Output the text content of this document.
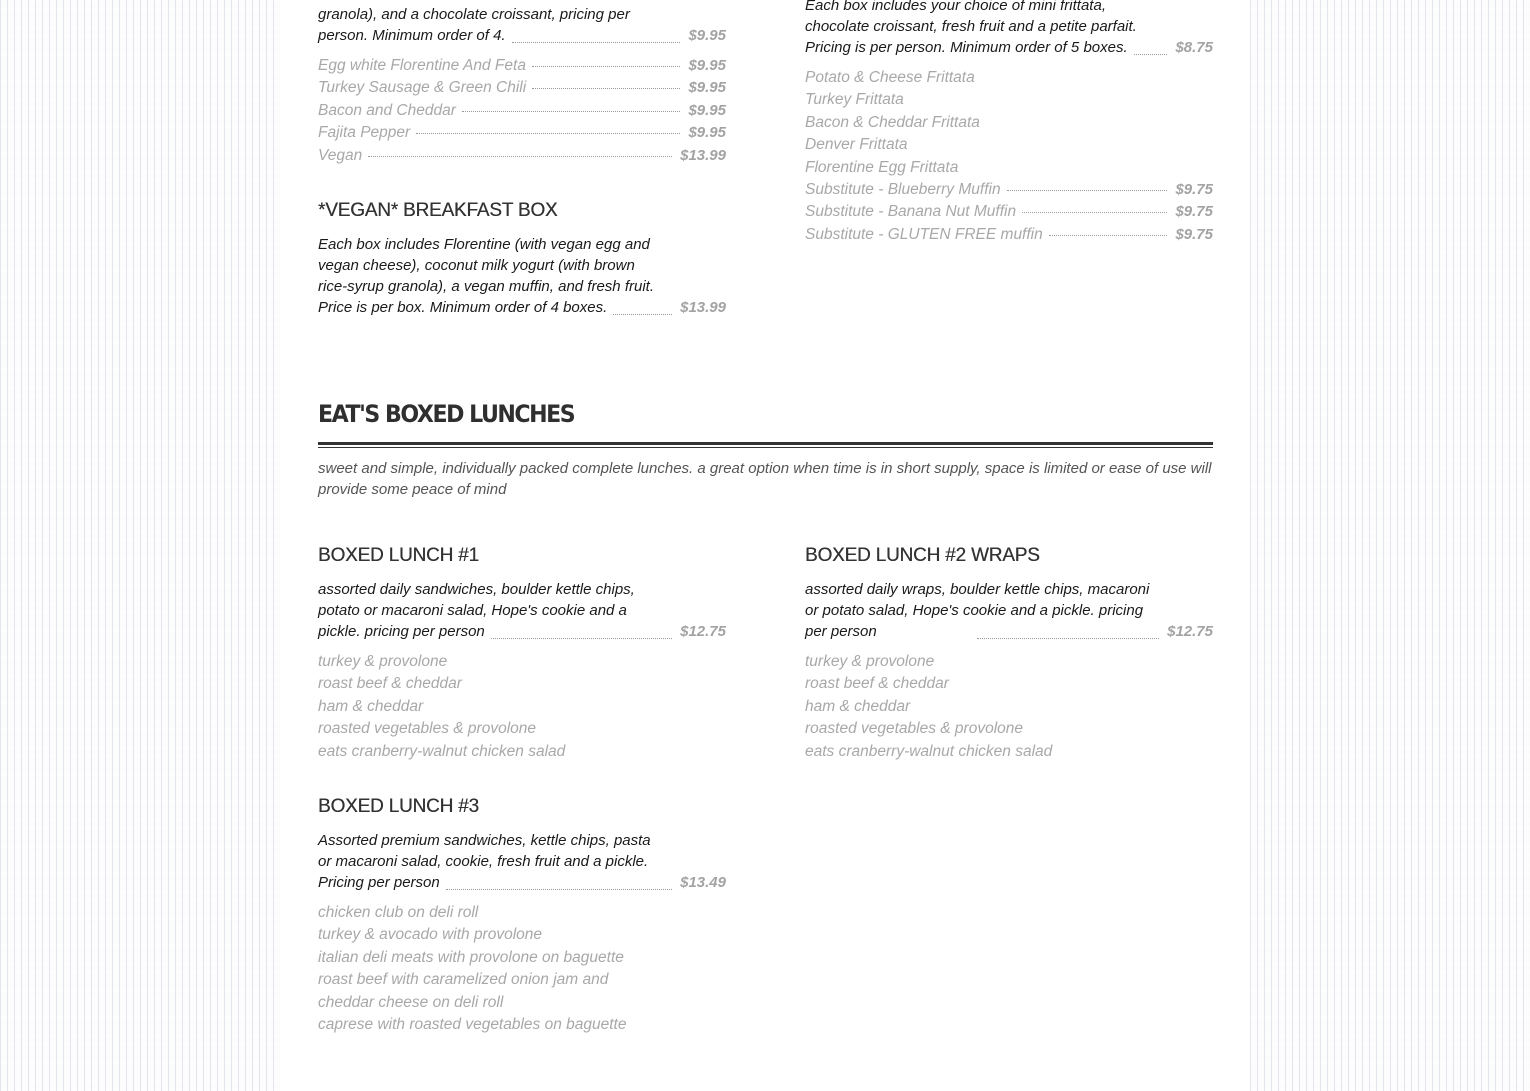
granola), and a chocolate croissant, pricing per
person. Minimum order of 4.	$9.95
Egg white Florentine And Feta	$9.95
Turkey Sausage & Green Chili	$9.95
Bacon and Cheddar	$9.95
Fajita Pepper	$9.95
Vegan	$13.99
*VEGAN* BREAKFAST BOX
Each box includes Florentine (with vegan egg and
vegan cheese), coconut milk yogurt (with brown
rice-syrup granola), a vegan muffin, and fresh fruit.
Price is per box. Minimum order of 4 boxes.	$13.99
Each box includes your choice of mini frittata,
chocolate croissant, fresh fruit and a petite parfait.
Pricing is per person. Minimum order of 5 boxes.	$8.75
Potato & Cheese Frittata
Turkey Frittata
Bacon & Cheddar Frittata
Denver Frittata
Florentine Egg Frittata
Substitute - Blueberry Muffin	$9.75
Substitute - Banana Nut Muffin	$9.75
Substitute - GLUTEN FREE muffin	$9.75
EAT'S BOXED LUNCHES
sweet and simple, individually packed complete lunches. a great option when time is in short supply, space is limited or ease of use will provide some peace of mind
BOXED LUNCH #1
assorted daily sandwiches, boulder kettle chips,
potato or macaroni salad, Hope's cookie and a
pickle. pricing per person	$12.75
turkey & provolone
roast beef & cheddar
ham & cheddar
roasted vegetables & provolone
eats cranberry-walnut chicken salad
BOXED LUNCH #2 WRAPS
assorted daily wraps, boulder kettle chips, macaroni
or potato salad, Hope's cookie and a pickle. pricing
per person	$12.75
turkey & provolone
roast beef & cheddar
ham & cheddar
roasted vegetables & provolone
eats cranberry-walnut chicken salad
BOXED LUNCH #3
Assorted premium sandwiches, kettle chips, pasta
or macaroni salad, cookie, fresh fruit and a pickle.
Pricing per person	$13.49
chicken club on deli roll
turkey & avocado with provolone
italian deli meats with provolone on baguette
roast beef with caramelized onion jam and cheddar cheese on deli roll
caprese with roasted vegetables on baguette
